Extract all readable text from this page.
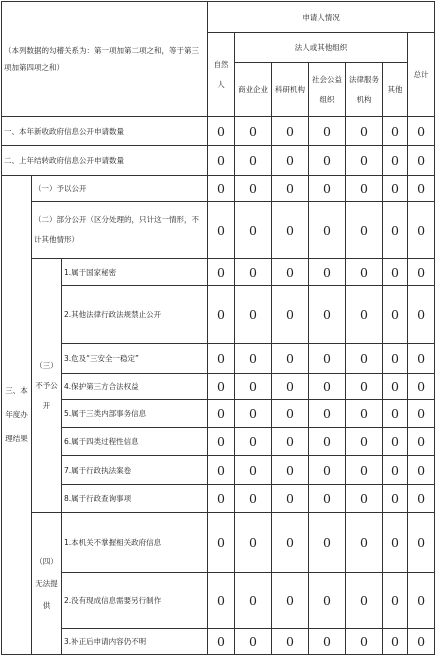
（本列数据的勾稽关系为：第一项加第二项之和，等于第三项加第四项之和）			申请人情况						
			自然人	法人或其他组织					总计
				商业企业	科研机构	社会公益组织	法律服务机构	其他	
一、本年新收政府信息公开申请数量			0	0	0	0	0	0	0
二、上年结转政府信息公开申请数量			0	0	0	0	0	0	0
三、本年度办理结果	（一）予以公开		0	0	0	0	0	0	0
	（二）部分公开（区分处理的，只计这一情形，不计其他情形）		0	0	0	0	0	0	0
	（三）不予公开	1.属于国家秘密	0	0	0	0	0	0	0
		2.其他法律行政法规禁止公开	0	0	0	0	0	0	0
		3.危及“三安全一稳定”	0	0	0	0	0	0	0
		4.保护第三方合法权益	0	0	0	0	0	0	0
		5.属于三类内部事务信息	0	0	0	0	0	0	0
		6.属于四类过程性信息	0	0	0	0	0	0	0
		7.属于行政执法案卷	0	0	0	0	0	0	0
		8.属于行政查询事项	0	0	0	0	0	0	0
	（四）无法提供	1.本机关不掌握相关政府信息	0	0	0	0	0	0	0
		2.没有现成信息需要另行制作	0	0	0	0	0	0	0
		3.补正后申请内容仍不明	0	0	0	0	0	0	0
